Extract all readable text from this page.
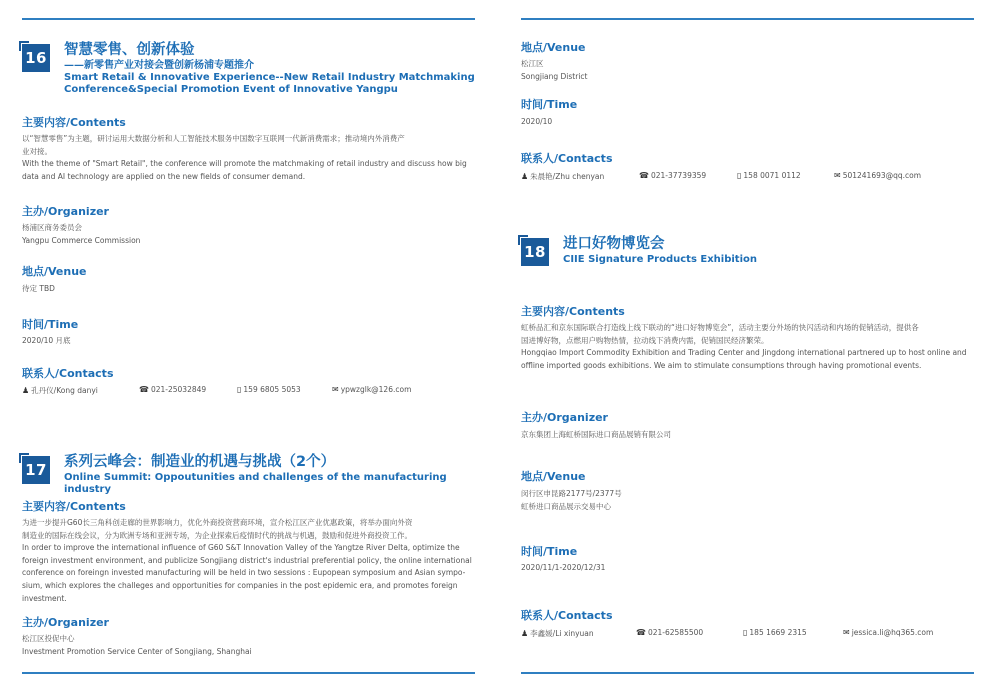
16 智慧零售、创新体验
——新零售产业对接会暨创新杨浦专题推介
Smart Retail & Innovative Experience--New Retail Industry Matchmaking
Conference&Special Promotion Event of Innovative Yangpu
主要内容/Contents
以“智慧零售”为主题，研讨运用大数据分析和人工智能技术服务中国数字互联网一代新消费需求；推动境内外消费产
业对接。
With the theme of "Smart Retail", the conference will promote the matchmaking of retail industry and discuss how big
data and AI technology are applied on the new fields of consumer demand.
主办/Organizer
杨浦区商务委员会
Yangpu Commerce Commission
地点/Venue
待定 TBD
时间/Time
2020/10 月底
联系人/Contacts
♟ 孔丹仪/Kong danyi	☎ 021-25032849	▯ 159 6805 5053	✉ ypwzglk@126.com
17 系列云峰会：制造业的机遇与挑战（2个）
Online Summit: Oppoutunities and challenges of the manufacturing industry
主要内容/Contents
为进一步提升G60长三角科创走廊的世界影响力，优化外商投资营商环境，宣介松江区产业优惠政策，将举办面向外资
制造业的国际在线会议，分为欧洲专场和亚洲专场，为企业探索后疫情时代的挑战与机遇，鼓励和促进外商投资工作。
In order to improve the international influence of G60 S&T Innovation Valley of the Yangtze River Delta, optimize the
foreign investment environment, and publicize Songjiang district's industrial preferential policy, the online international
conference on foreingn invested manufacturing will be held in two sessions : Eupopean symposium and Asian sympo-
sium, which explores the challeges and opportunities for companies in the post epidemic era, and promotes foreign
investment.
主办/Organizer
松江区投促中心
Investment Promotion Service Center of Songjiang, Shanghai
地点/Venue
松江区
Songjiang District
时间/Time
2020/10
联系人/Contacts
♟ 朱晨艳/Zhu chenyan	☎ 021-37739359	▯ 158 0071 0112	✉ 501241693@qq.com
18 进口好物博览会
CIIE Signature Products Exhibition
主要内容/Contents
虹桥品汇和京东国际联合打造线上线下联动的“进口好物博览会”，活动主要分外场的快闪活动和内场的促销活动，提供各
国进博好物，点燃用户购物热情，拉动线下消费内需，促销国民经济繁荣。
Hongqiao Import Commodity Exhibition and Trading Center and Jingdong international partnered up to host online and
offline imported goods exhibitions. We aim to stimulate consumptions through having promotional events.
主办/Organizer
京东集团上海虹桥国际进口商品展销有限公司
地点/Venue
闵行区申昆路2177号/2377号
虹桥进口商品展示交易中心
时间/Time
2020/11/1-2020/12/31
联系人/Contacts
♟ 李鑫媛/Li xinyuan	☎ 021-62585500	▯ 185 1669 2315	✉ jessica.li@hq365.com
